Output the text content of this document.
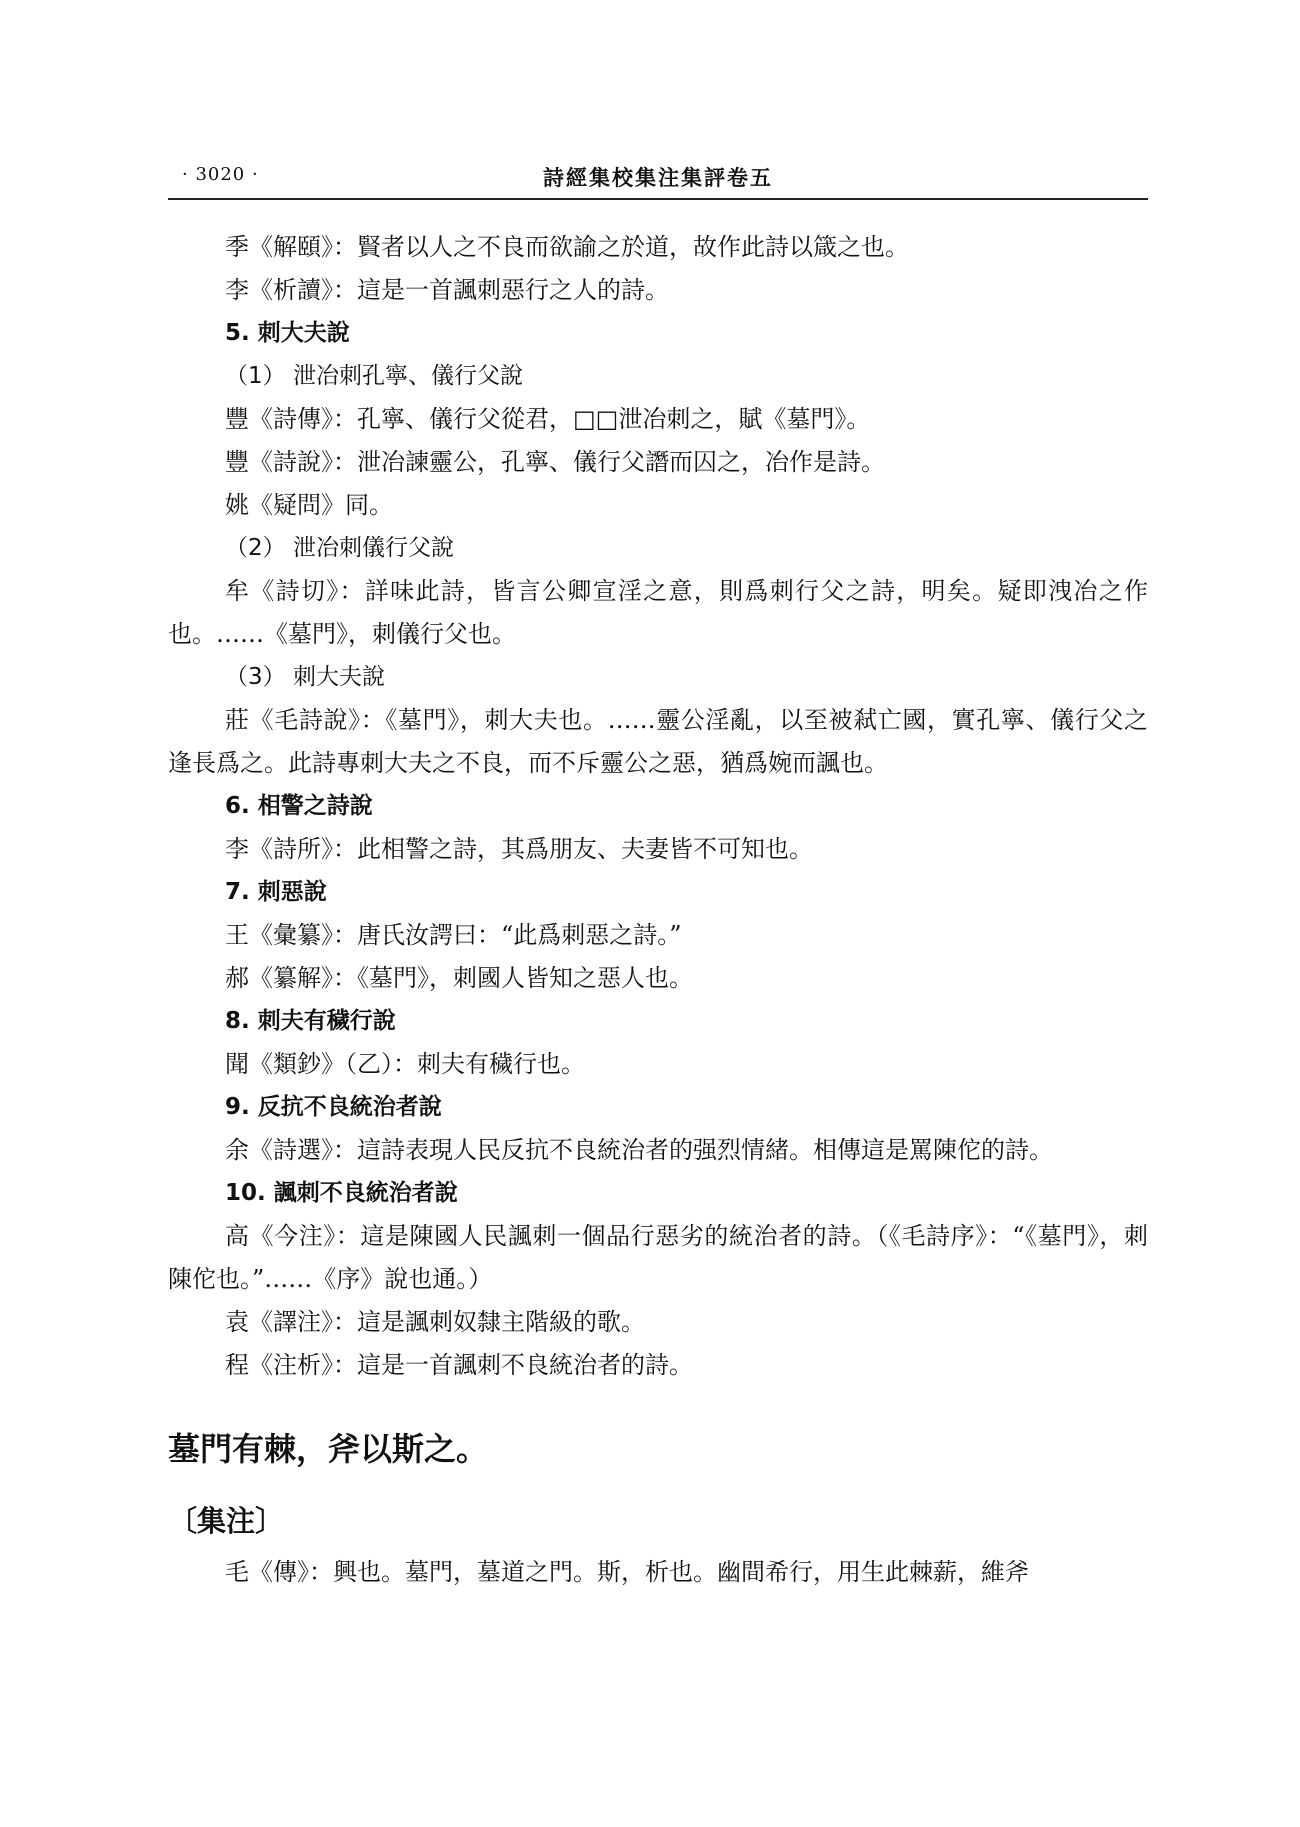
· 3020 ·	詩經集校集注集評卷五

季《解頤》：賢者以人之不良而欲諭之於道，故作此詩以箴之也。

李《析讀》：這是一首諷刺惡行之人的詩。

5. 刺大夫說

（1） 泄冶刺孔寧、儀行父說

豐《詩傳》：孔寧、儀行父從君，□□泄冶刺之，賦《墓門》。

豐《詩說》：泄冶諫靈公，孔寧、儀行父譖而囚之，冶作是詩。

姚《疑問》同。

（2） 泄冶刺儀行父說

牟《詩切》：詳味此詩，皆言公卿宣淫之意，則爲刺行父之詩，明矣。疑即洩冶之作也。……《墓門》，刺儀行父也。

（3） 刺大夫說

莊《毛詩說》：《墓門》，刺大夫也。……靈公淫亂，以至被弒亡國，實孔寧、儀行父之逢長爲之。此詩專刺大夫之不良，而不斥靈公之惡，猶爲婉而諷也。

6. 相警之詩說

李《詩所》：此相警之詩，其爲朋友、夫妻皆不可知也。

7. 刺惡說

王《彙纂》：唐氏汝諤曰：“此爲刺惡之詩。”

郝《纂解》：《墓門》，刺國人皆知之惡人也。

8. 刺夫有穢行說

聞《類鈔》（乙）：刺夫有穢行也。

9. 反抗不良統治者說

余《詩選》：這詩表現人民反抗不良統治者的强烈情緒。相傳這是罵陳佗的詩。

10. 諷刺不良統治者說

高《今注》：這是陳國人民諷刺一個品行惡劣的統治者的詩。（《毛詩序》：“《墓門》，刺陳佗也。”……《序》說也通。）

袁《譯注》：這是諷刺奴隸主階級的歌。

程《注析》：這是一首諷刺不良統治者的詩。

墓門有棘，斧以斯之。

〔集注〕

毛《傳》：興也。墓門，墓道之門。斯，析也。幽間希行，用生此棘薪，維斧
